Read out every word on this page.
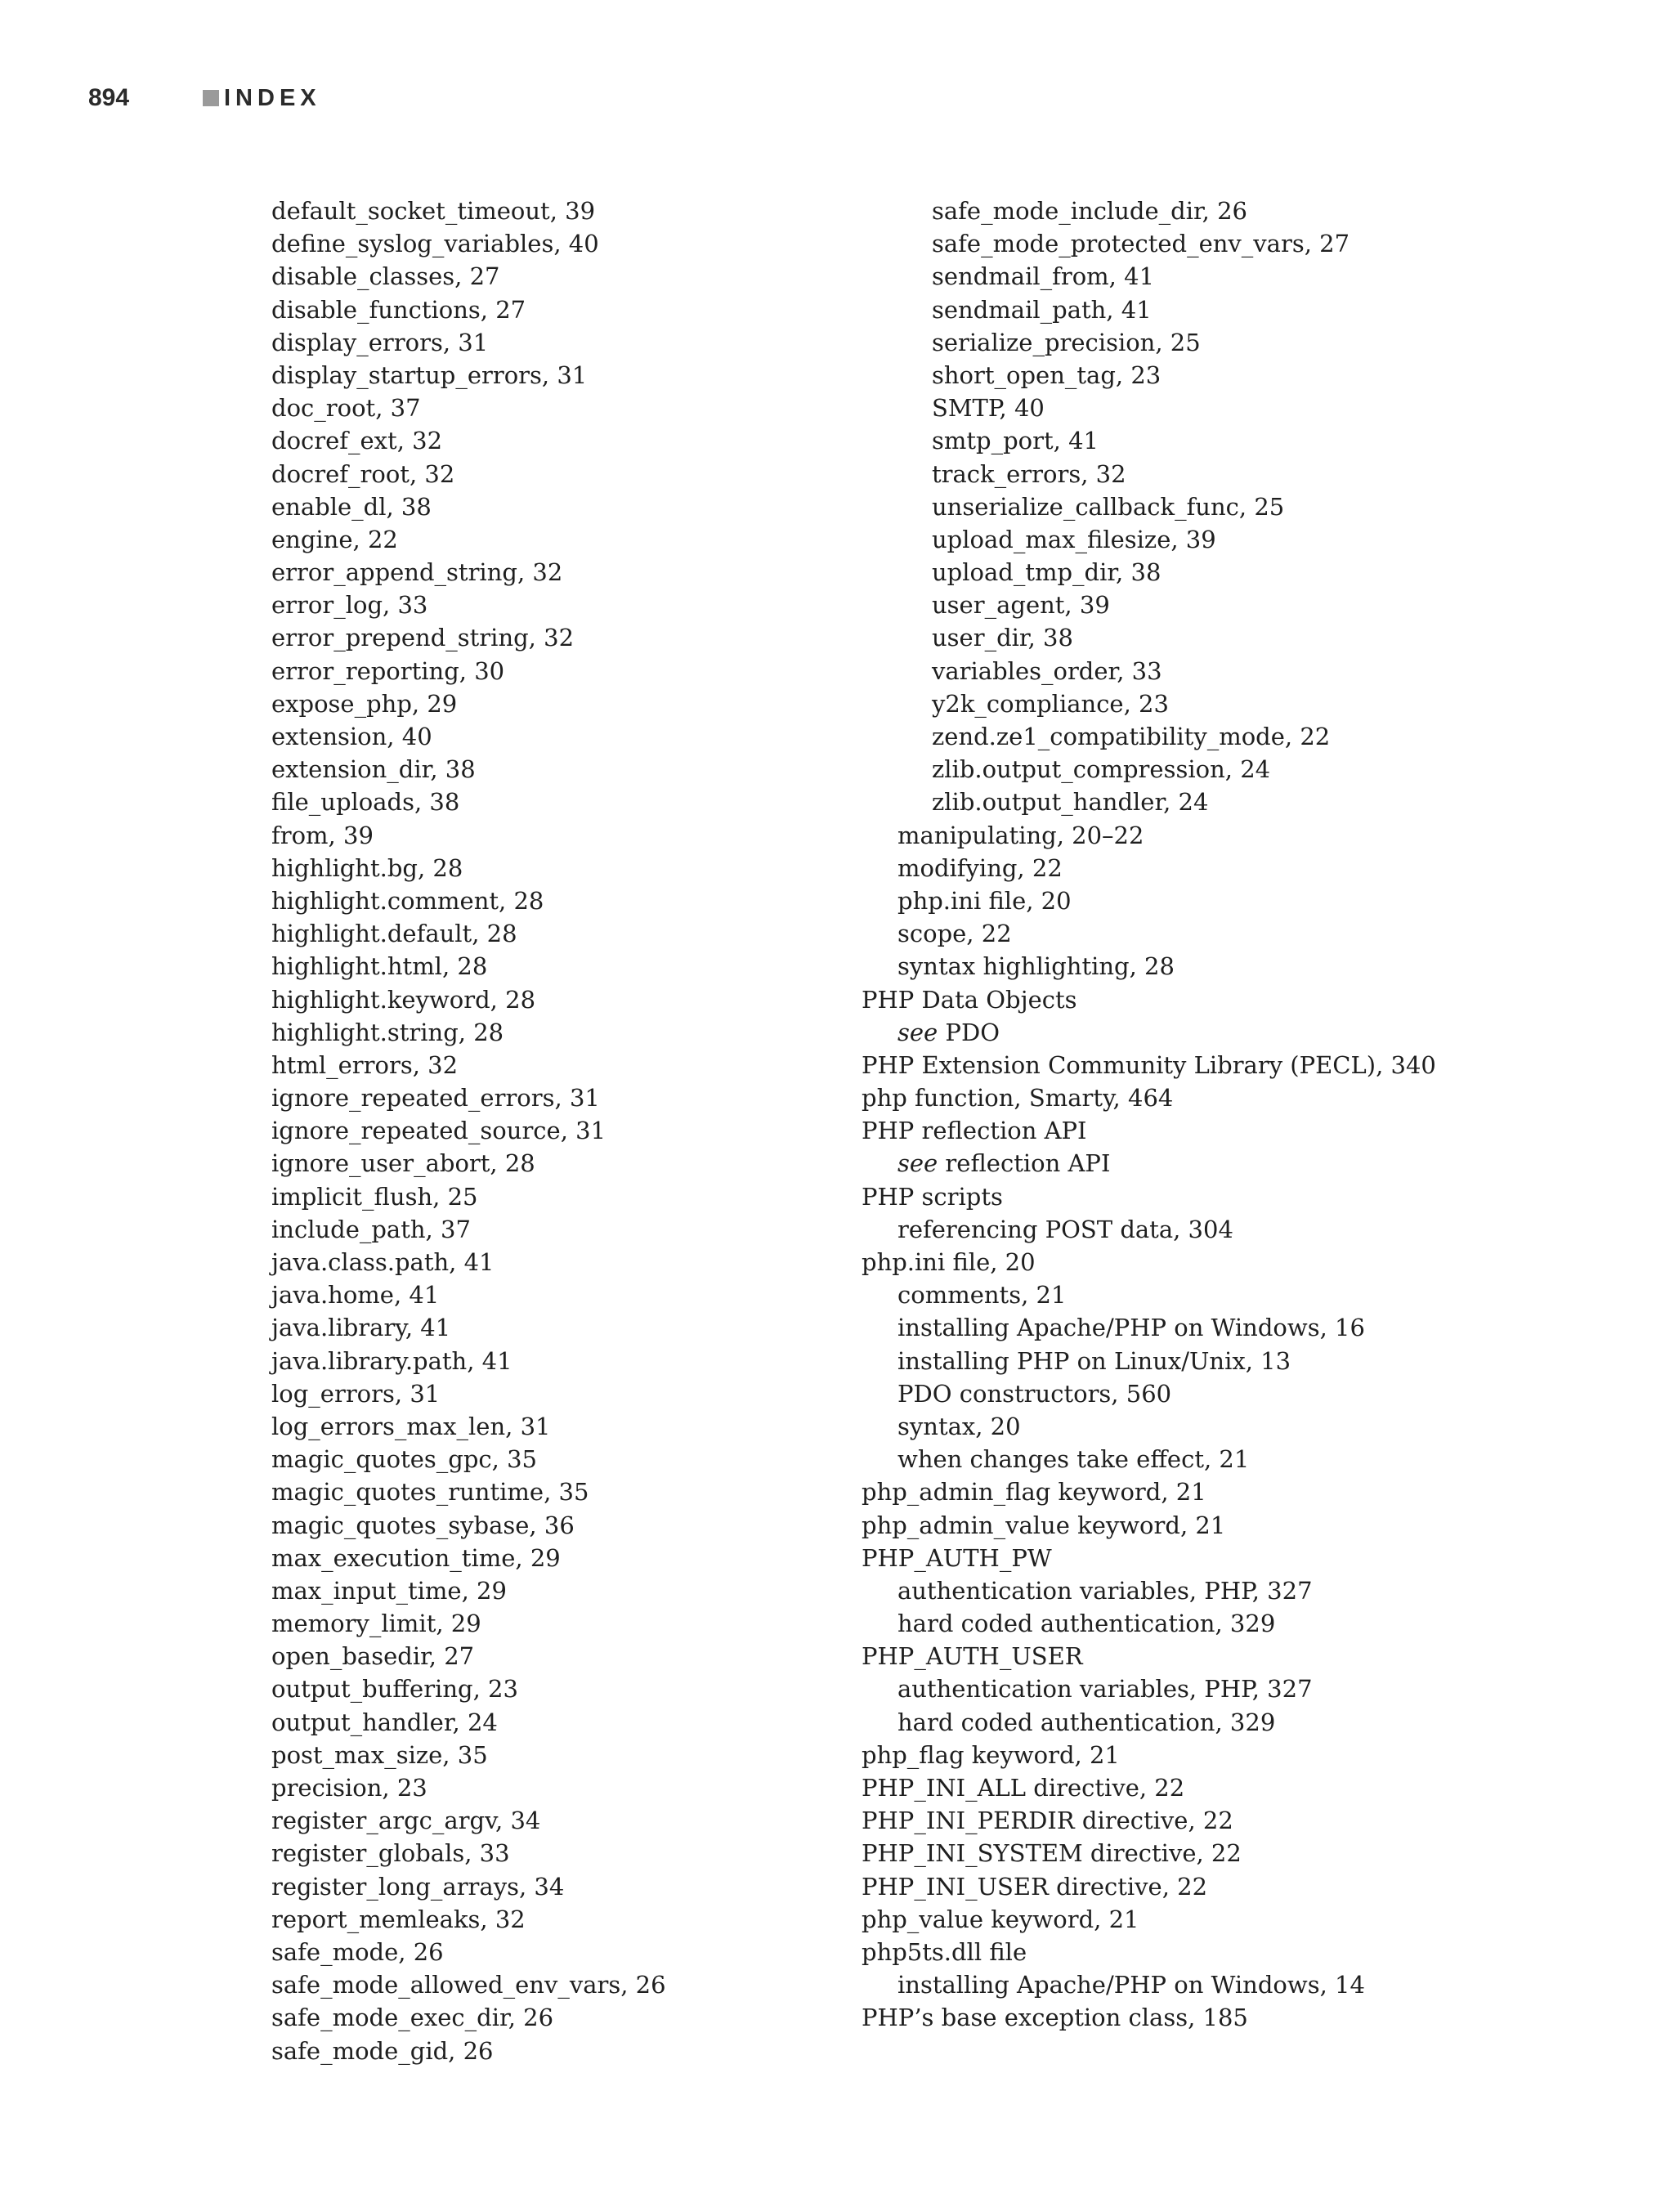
894	INDEX
default_socket_timeout, 39
define_syslog_variables, 40
disable_classes, 27
disable_functions, 27
display_errors, 31
display_startup_errors, 31
doc_root, 37
docref_ext, 32
docref_root, 32
enable_dl, 38
engine, 22
error_append_string, 32
error_log, 33
error_prepend_string, 32
error_reporting, 30
expose_php, 29
extension, 40
extension_dir, 38
file_uploads, 38
from, 39
highlight.bg, 28
highlight.comment, 28
highlight.default, 28
highlight.html, 28
highlight.keyword, 28
highlight.string, 28
html_errors, 32
ignore_repeated_errors, 31
ignore_repeated_source, 31
ignore_user_abort, 28
implicit_flush, 25
include_path, 37
java.class.path, 41
java.home, 41
java.library, 41
java.library.path, 41
log_errors, 31
log_errors_max_len, 31
magic_quotes_gpc, 35
magic_quotes_runtime, 35
magic_quotes_sybase, 36
max_execution_time, 29
max_input_time, 29
memory_limit, 29
open_basedir, 27
output_buffering, 23
output_handler, 24
post_max_size, 35
precision, 23
register_argc_argv, 34
register_globals, 33
register_long_arrays, 34
report_memleaks, 32
safe_mode, 26
safe_mode_allowed_env_vars, 26
safe_mode_exec_dir, 26
safe_mode_gid, 26
safe_mode_include_dir, 26
safe_mode_protected_env_vars, 27
sendmail_from, 41
sendmail_path, 41
serialize_precision, 25
short_open_tag, 23
SMTP, 40
smtp_port, 41
track_errors, 32
unserialize_callback_func, 25
upload_max_filesize, 39
upload_tmp_dir, 38
user_agent, 39
user_dir, 38
variables_order, 33
y2k_compliance, 23
zend.ze1_compatibility_mode, 22
zlib.output_compression, 24
zlib.output_handler, 24
manipulating, 20–22
modifying, 22
php.ini file, 20
scope, 22
syntax highlighting, 28
PHP Data Objects
see PDO
PHP Extension Community Library (PECL), 340
php function, Smarty, 464
PHP reflection API
see reflection API
PHP scripts
referencing POST data, 304
php.ini file, 20
comments, 21
installing Apache/PHP on Windows, 16
installing PHP on Linux/Unix, 13
PDO constructors, 560
syntax, 20
when changes take effect, 21
php_admin_flag keyword, 21
php_admin_value keyword, 21
PHP_AUTH_PW
authentication variables, PHP, 327
hard coded authentication, 329
PHP_AUTH_USER
authentication variables, PHP, 327
hard coded authentication, 329
php_flag keyword, 21
PHP_INI_ALL directive, 22
PHP_INI_PERDIR directive, 22
PHP_INI_SYSTEM directive, 22
PHP_INI_USER directive, 22
php_value keyword, 21
php5ts.dll file
installing Apache/PHP on Windows, 14
PHP’s base exception class, 185
